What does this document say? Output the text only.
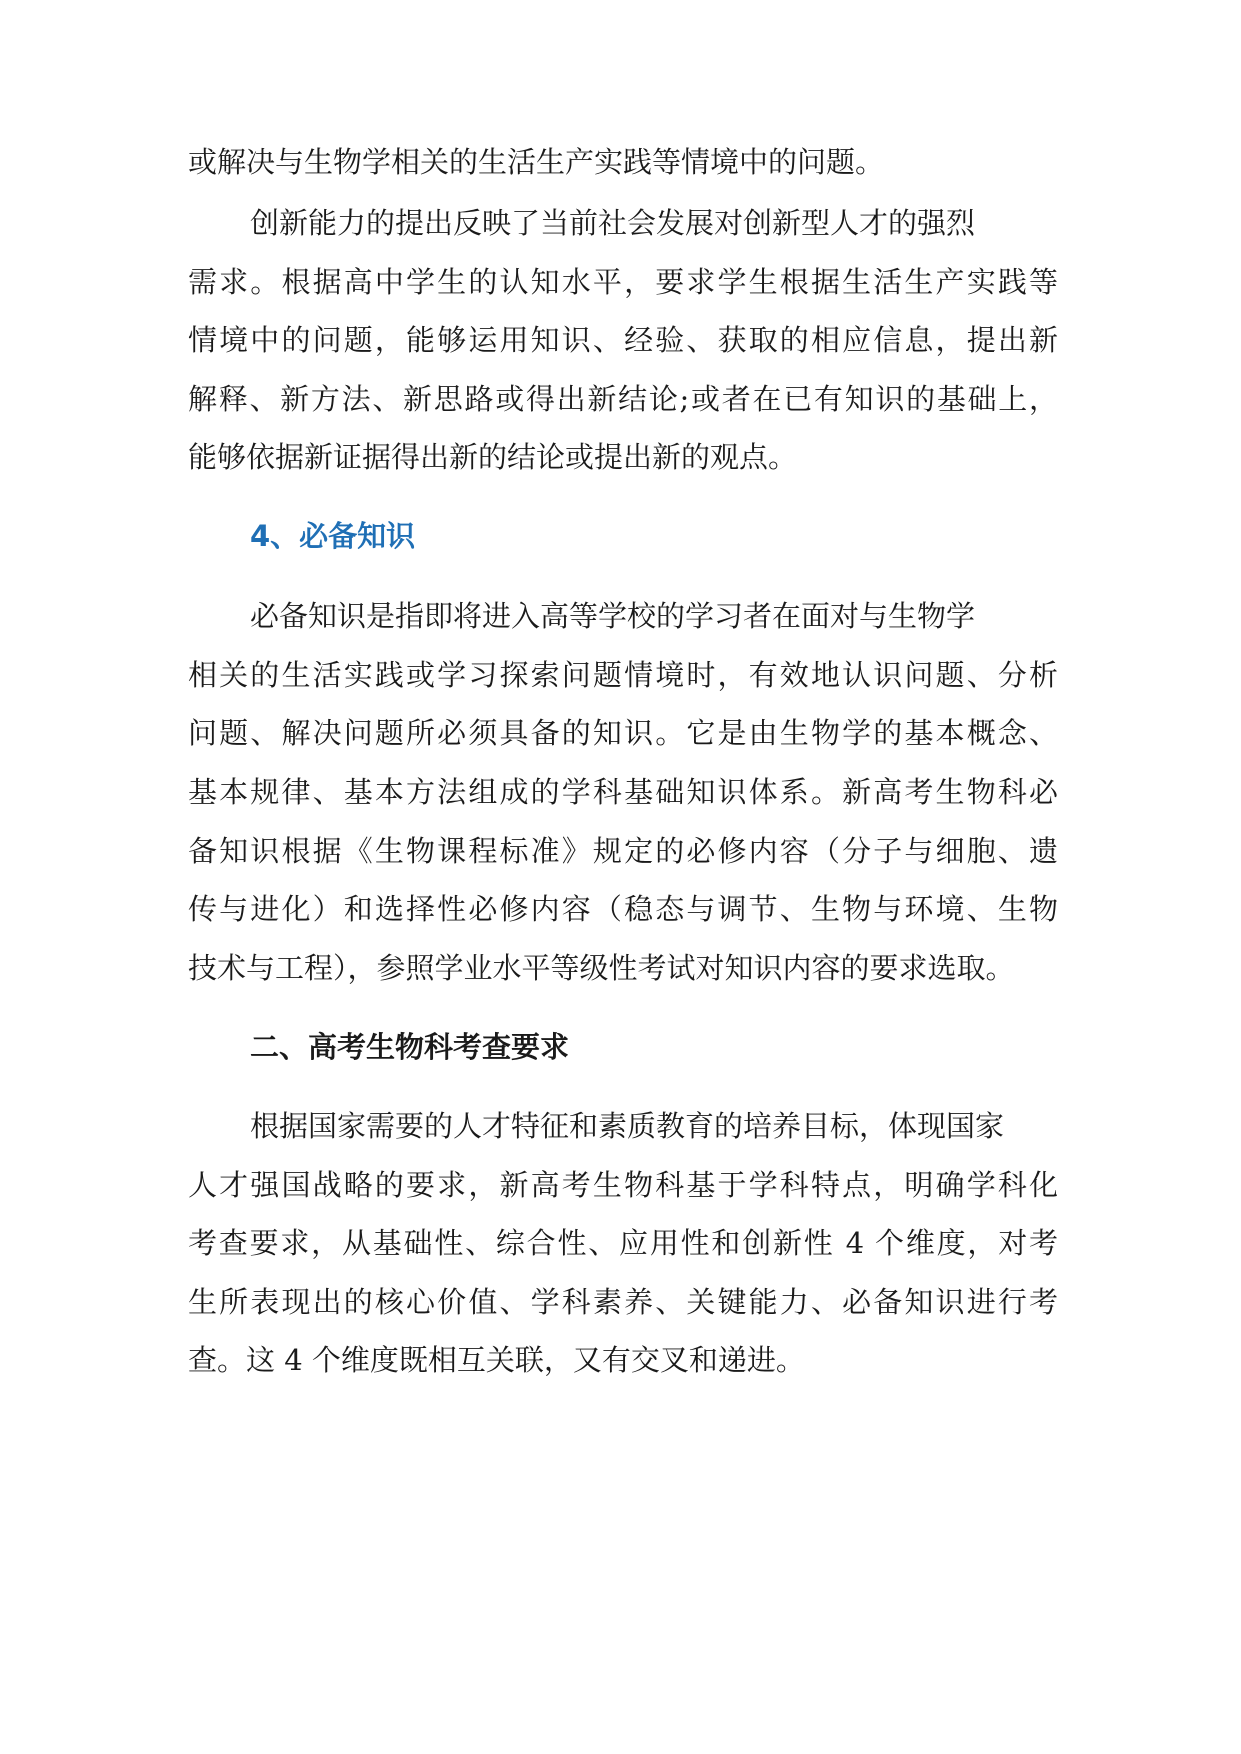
或解决与生物学相关的生活生产实践等情境中的问题。
创新能力的提出反映了当前社会发展对创新型人才的强烈
需求。根据高中学生的认知水平，要求学生根据生活生产实践等
情境中的问题，能够运用知识、经验、获取的相应信息，提出新
解释、新方法、新思路或得出新结论;或者在已有知识的基础上，
能够依据新证据得出新的结论或提出新的观点。
4、必备知识
必备知识是指即将进入高等学校的学习者在面对与生物学
相关的生活实践或学习探索问题情境时，有效地认识问题、分析
问题、解决问题所必须具备的知识。它是由生物学的基本概念、
基本规律、基本方法组成的学科基础知识体系。新高考生物科必
备知识根据《生物课程标准》规定的必修内容（分子与细胞、遗
传与进化）和选择性必修内容（稳态与调节、生物与环境、生物
技术与工程），参照学业水平等级性考试对知识内容的要求选取。
二、高考生物科考查要求
根据国家需要的人才特征和素质教育的培养目标，体现国家
人才强国战略的要求，新高考生物科基于学科特点，明确学科化
考查要求，从基础性、综合性、应用性和创新性 4 个维度，对考
生所表现出的核心价值、学科素养、关键能力、必备知识进行考
查。这 4 个维度既相互关联，又有交叉和递进。
